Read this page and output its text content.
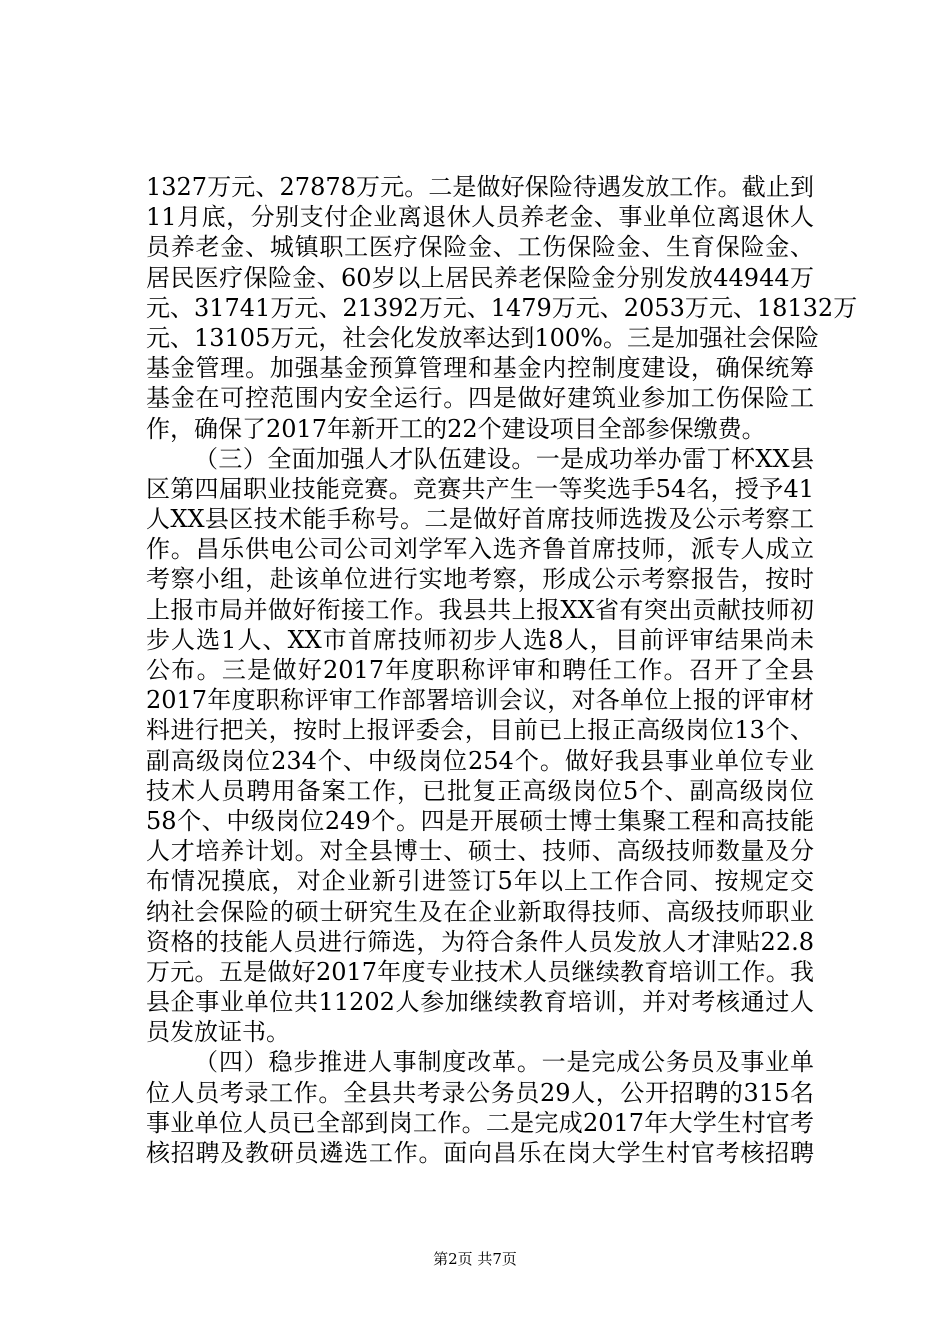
1327万元、27878万元。二是做好保险待遇发放工作。截止到
11月底，分别支付企业离退休人员养老金、事业单位离退休人
员养老金、城镇职工医疗保险金、工伤保险金、生育保险金、
居民医疗保险金、60岁以上居民养老保险金分别发放44944万
元、31741万元、21392万元、1479万元、2053万元、18132万
元、13105万元，社会化发放率达到100%。三是加强社会保险
基金管理。加强基金预算管理和基金内控制度建设，确保统筹
基金在可控范围内安全运行。四是做好建筑业参加工伤保险工
作，确保了2017年新开工的22个建设项目全部参保缴费。
（三）全面加强人才队伍建设。一是成功举办雷丁杯XX县
区第四届职业技能竞赛。竞赛共产生一等奖选手54名，授予41
人XX县区技术能手称号。二是做好首席技师选拨及公示考察工
作。昌乐供电公司公司刘学军入选齐鲁首席技师，派专人成立
考察小组，赴该单位进行实地考察，形成公示考察报告，按时
上报市局并做好衔接工作。我县共上报XX省有突出贡献技师初
步人选1人、XX市首席技师初步人选8人，目前评审结果尚未
公布。三是做好2017年度职称评审和聘任工作。召开了全县
2017年度职称评审工作部署培训会议，对各单位上报的评审材
料进行把关，按时上报评委会，目前已上报正高级岗位13个、
副高级岗位234个、中级岗位254个。做好我县事业单位专业
技术人员聘用备案工作，已批复正高级岗位5个、副高级岗位
58个、中级岗位249个。四是开展硕士博士集聚工程和高技能
人才培养计划。对全县博士、硕士、技师、高级技师数量及分
布情况摸底，对企业新引进签订5年以上工作合同、按规定交
纳社会保险的硕士研究生及在企业新取得技师、高级技师职业
资格的技能人员进行筛选，为符合条件人员发放人才津贴22.8
万元。五是做好2017年度专业技术人员继续教育培训工作。我
县企事业单位共11202人参加继续教育培训，并对考核通过人
员发放证书。
（四）稳步推进人事制度改革。一是完成公务员及事业单
位人员考录工作。全县共考录公务员29人，公开招聘的315名
事业单位人员已全部到岗工作。二是完成2017年大学生村官考
核招聘及教研员遴选工作。面向昌乐在岗大学生村官考核招聘
第2页 共7页
